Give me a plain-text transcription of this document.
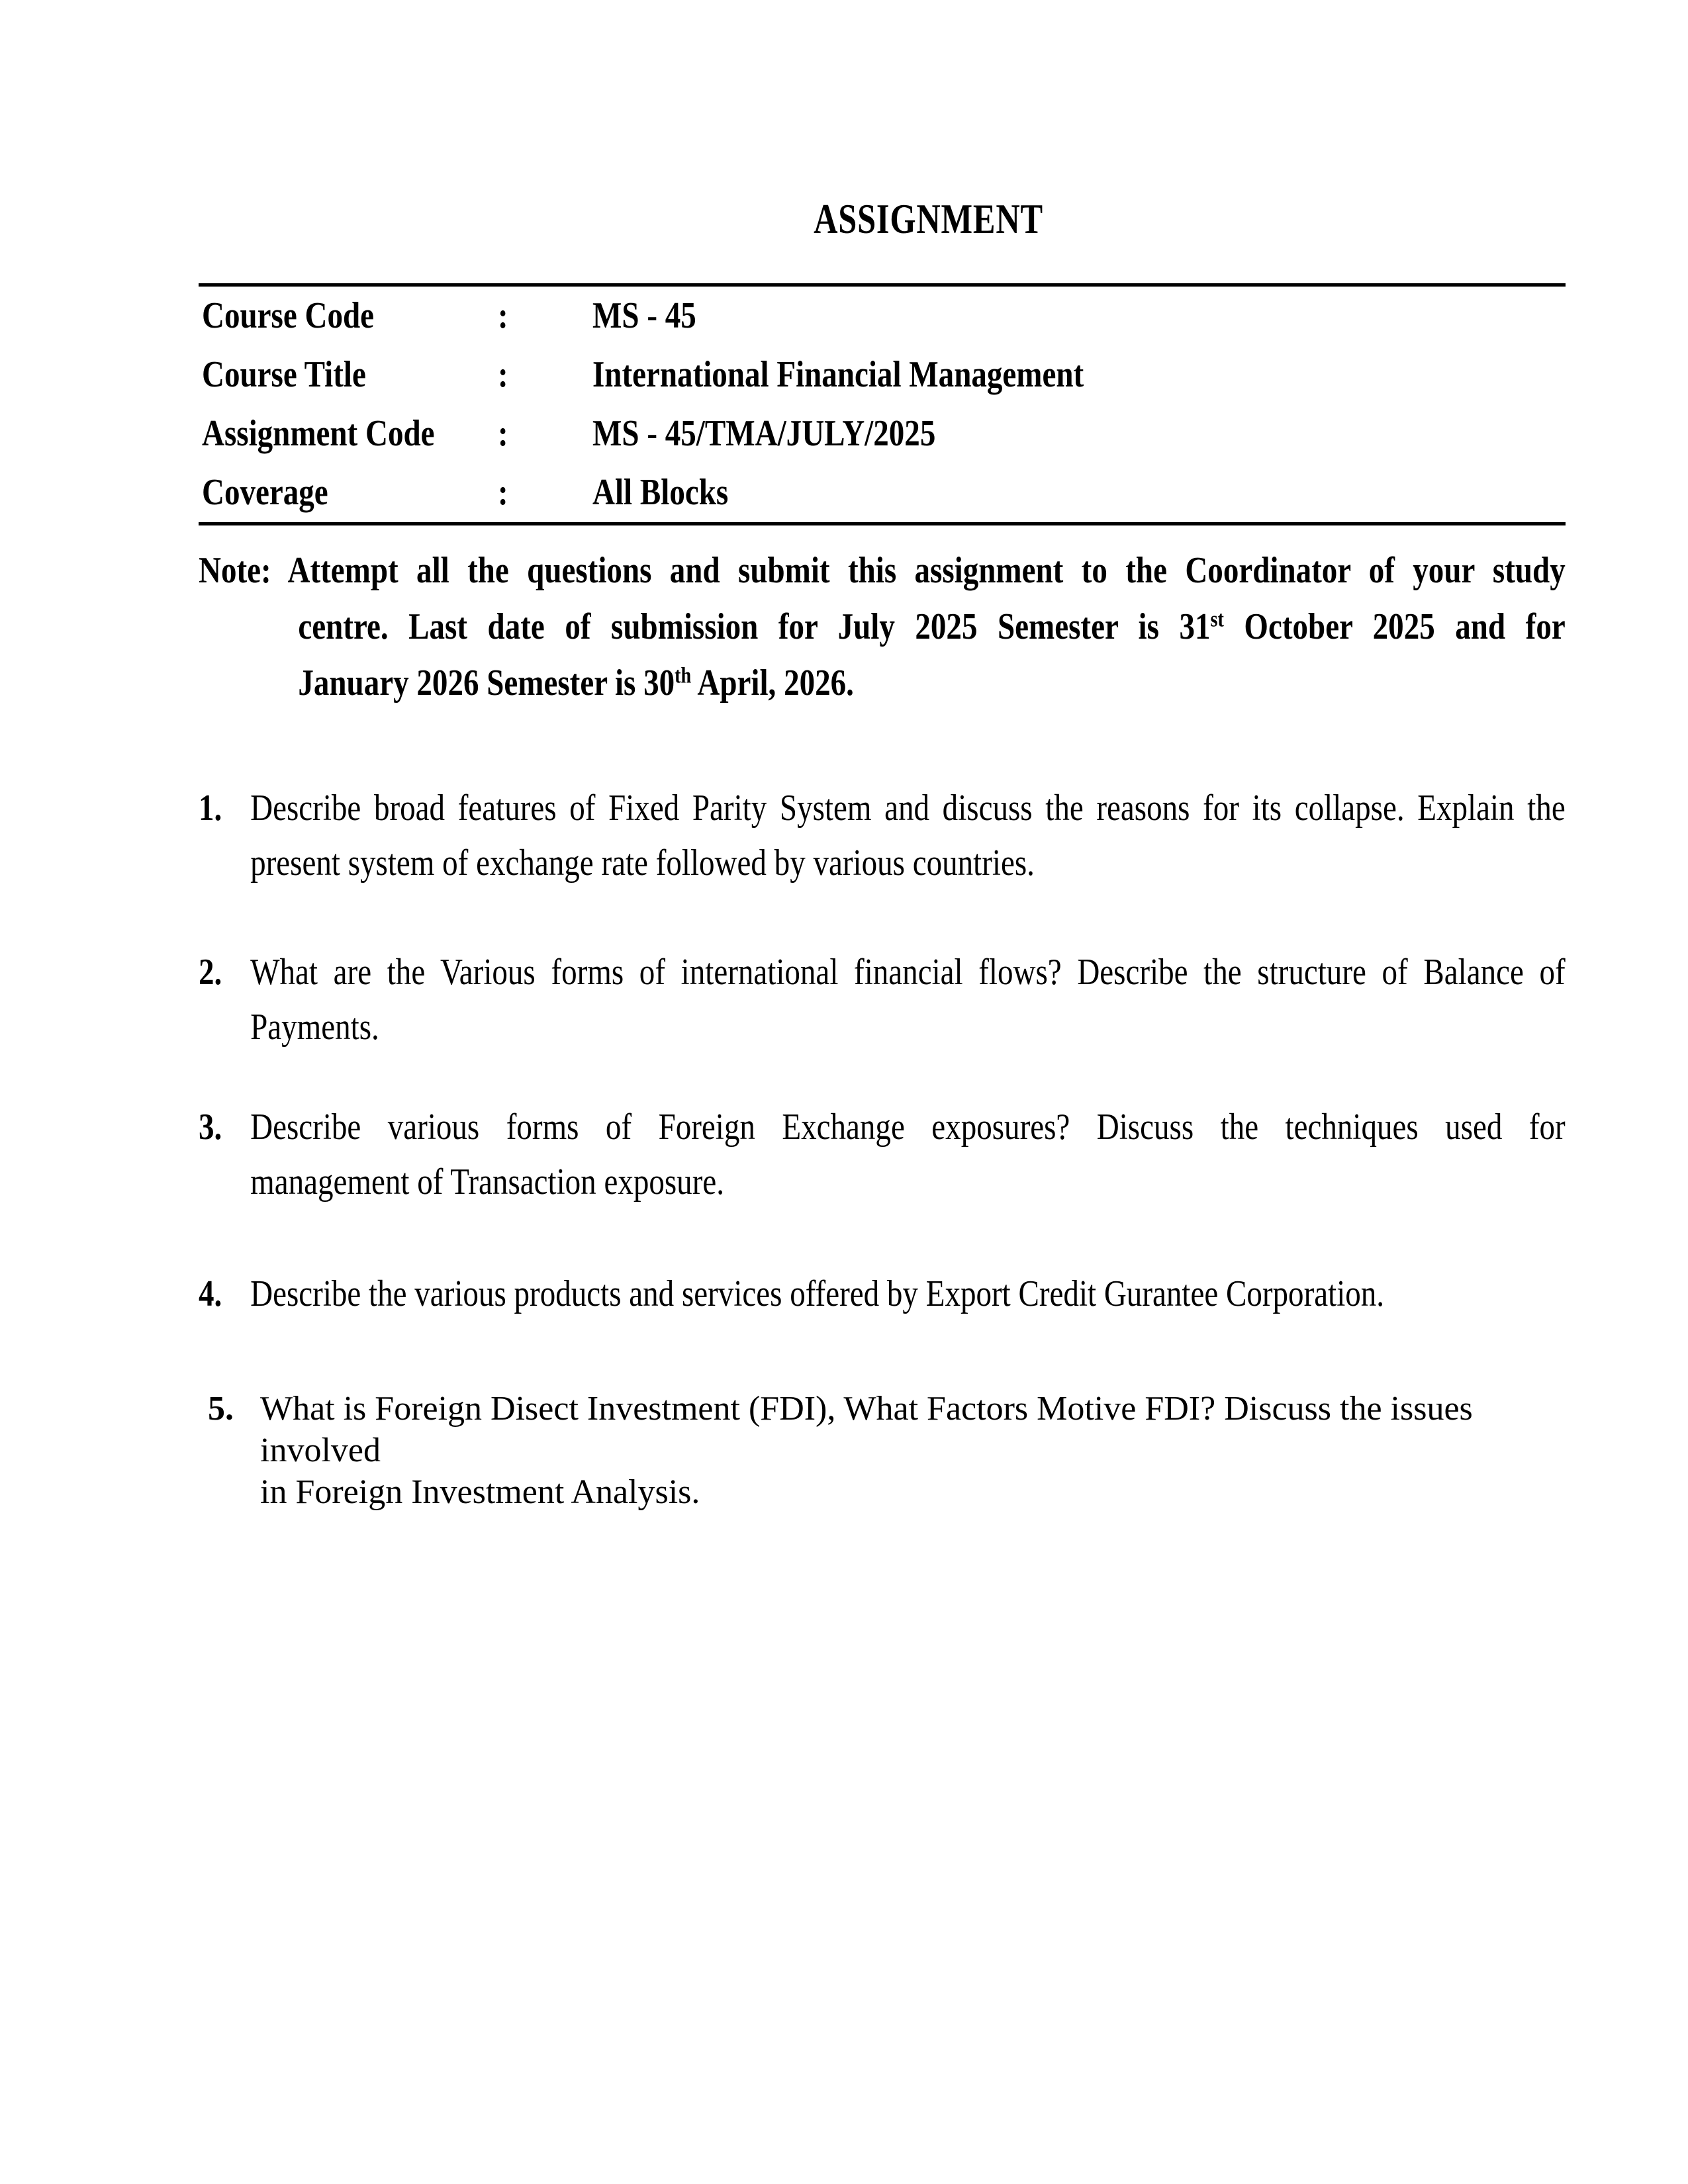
ASSIGNMENT
Course Code	:	MS - 45
Course Title	:	International Financial Management
Assignment Code	:	MS - 45/TMA/JULY/2025
Coverage	:	All Blocks
Note: Attempt all the questions and submit this assignment to the Coordinator of your study
centre. Last date of submission for July 2025 Semester is 31st October 2025 and for
January 2026 Semester is 30th April, 2026.
1. Describe broad features of Fixed Parity System and discuss the reasons for its collapse. Explain the
present system of exchange rate followed by various countries.
2. What are the Various forms of international financial flows? Describe the structure of Balance of
Payments.
3. Describe various forms of Foreign Exchange exposures? Discuss the techniques used for
management of Transaction exposure.
4. Describe the various products and services offered by Export Credit Gurantee Corporation.
5. What is Foreign Disect Investment (FDI), What Factors Motive FDI? Discuss the issues involved
in Foreign Investment Analysis.
